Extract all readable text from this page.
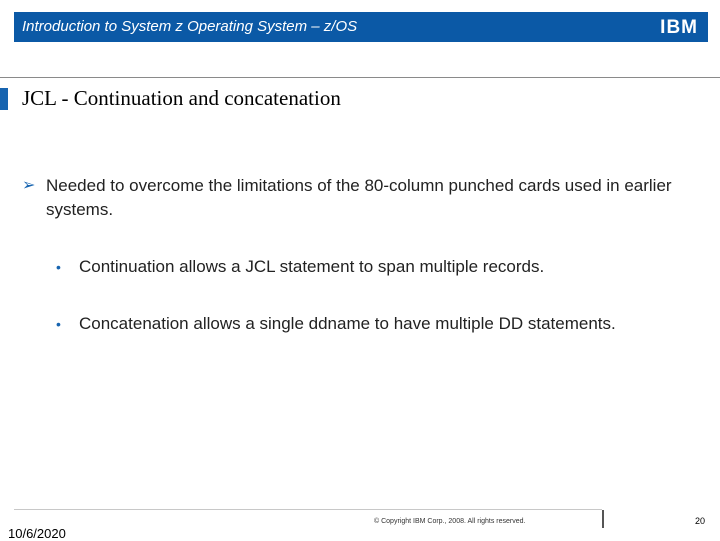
Introduction to System z Operating System – z/OS	IBM
JCL - Continuation and concatenation
➢ Needed to overcome the limitations of the 80-column punched cards used in earlier systems.
• Continuation allows a JCL statement to span multiple records.
• Concatenation allows a single ddname to have multiple DD statements.
10/6/2020
© Copyright IBM Corp., 2008. All rights reserved.	20
